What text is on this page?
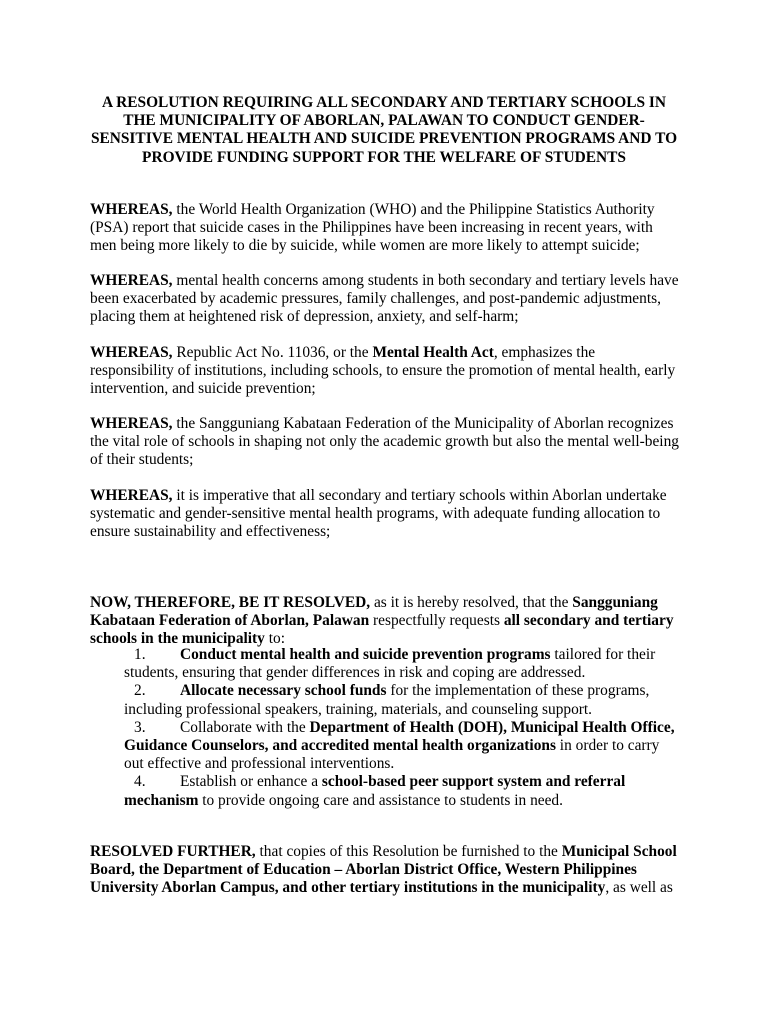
A RESOLUTION REQUIRING ALL SECONDARY AND TERTIARY SCHOOLS IN THE MUNICIPALITY OF ABORLAN, PALAWAN TO CONDUCT GENDER-SENSITIVE MENTAL HEALTH AND SUICIDE PREVENTION PROGRAMS AND TO PROVIDE FUNDING SUPPORT FOR THE WELFARE OF STUDENTS

WHEREAS, the World Health Organization (WHO) and the Philippine Statistics Authority (PSA) report that suicide cases in the Philippines have been increasing in recent years, with men being more likely to die by suicide, while women are more likely to attempt suicide;

WHEREAS, mental health concerns among students in both secondary and tertiary levels have been exacerbated by academic pressures, family challenges, and post-pandemic adjustments, placing them at heightened risk of depression, anxiety, and self-harm;

WHEREAS, Republic Act No. 11036, or the Mental Health Act, emphasizes the responsibility of institutions, including schools, to ensure the promotion of mental health, early intervention, and suicide prevention;

WHEREAS, the Sangguniang Kabataan Federation of the Municipality of Aborlan recognizes the vital role of schools in shaping not only the academic growth but also the mental well-being of their students;

WHEREAS, it is imperative that all secondary and tertiary schools within Aborlan undertake systematic and gender-sensitive mental health programs, with adequate funding allocation to ensure sustainability and effectiveness;

NOW, THEREFORE, BE IT RESOLVED, as it is hereby resolved, that the Sangguniang Kabataan Federation of Aborlan, Palawan respectfully requests all secondary and tertiary schools in the municipality to:

1. Conduct mental health and suicide prevention programs tailored for their students, ensuring that gender differences in risk and coping are addressed.

2. Allocate necessary school funds for the implementation of these programs, including professional speakers, training, materials, and counseling support.

3. Collaborate with the Department of Health (DOH), Municipal Health Office, Guidance Counselors, and accredited mental health organizations in order to carry out effective and professional interventions.

4. Establish or enhance a school-based peer support system and referral mechanism to provide ongoing care and assistance to students in need.

RESOLVED FURTHER, that copies of this Resolution be furnished to the Municipal School Board, the Department of Education – Aborlan District Office, Western Philippines University Aborlan Campus, and other tertiary institutions in the municipality, as well as
